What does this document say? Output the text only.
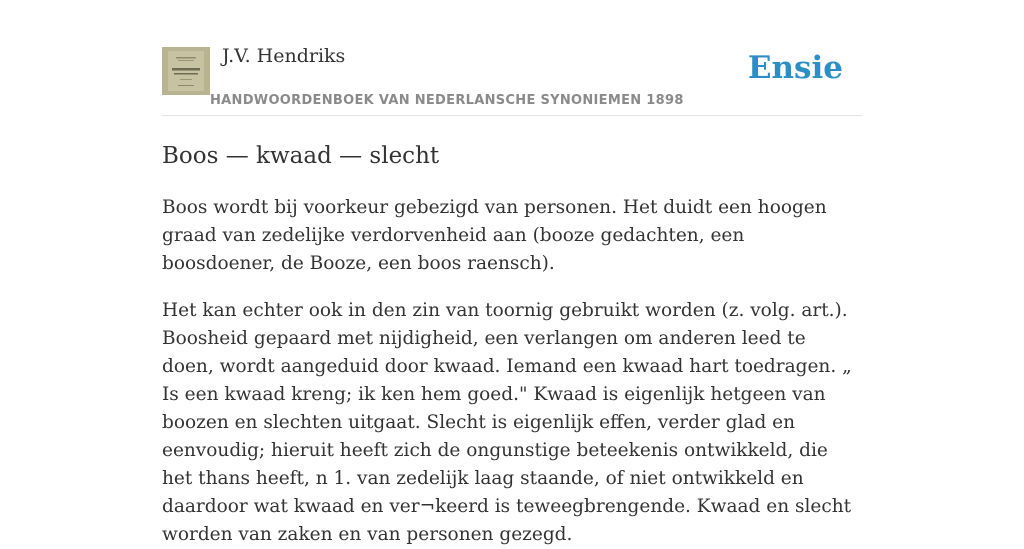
J.V. Hendriks
HANDWOORDENBOEK VAN NEDERLANSCHE SYNONIEMEN 1898
Ensie
Boos — kwaad — slecht

Boos wordt bij voorkeur gebezigd van personen. Het duidt een hoogen graad van zedelijke verdorvenheid aan (booze gedachten, een boosdoener, de Booze, een boos raensch).

Het kan echter ook in den zin van toornig gebruikt worden (z. volg. art.). Boosheid gepaard met nijdigheid, een verlangen om anderen leed te doen, wordt aangeduid door kwaad. Iemand een kwaad hart toedragen. „ Is een kwaad kreng; ik ken hem goed." Kwaad is eigenlijk hetgeen van boozen en slechten uitgaat. Slecht is eigenlijk effen, verder glad en eenvoudig; hieruit heeft zich de ongunstige beteekenis ontwikkeld, die het thans heeft, n 1. van zedelijk laag staande, of niet ontwikkeld en daardoor wat kwaad en ver¬keerd is teweegbrengende. Kwaad en slecht worden van zaken en van personen gezegd.
